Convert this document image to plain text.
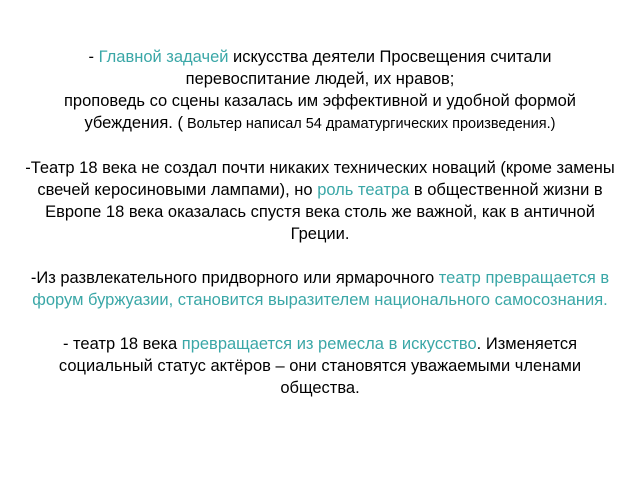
- Главной задачей искусства деятели Просвещения считали перевоспитание людей, их нравов;
проповедь со сцены казалась им эффективной и удобной формой убеждения. ( Вольтер написал 54 драматургических произведения.)

-Театр 18 века не создал почти никаких технических новаций (кроме замены свечей керосиновыми лампами), но роль театра в общественной жизни в Европе 18 века оказалась спустя века столь же важной, как в античной Греции.

-Из развлекательного придворного или ярмарочного театр превращается в форум буржуазии, становится выразителем национального самосознания.

- театр 18 века превращается из ремесла в искусство. Изменяется социальный статус актёров – они становятся уважаемыми членами общества.
